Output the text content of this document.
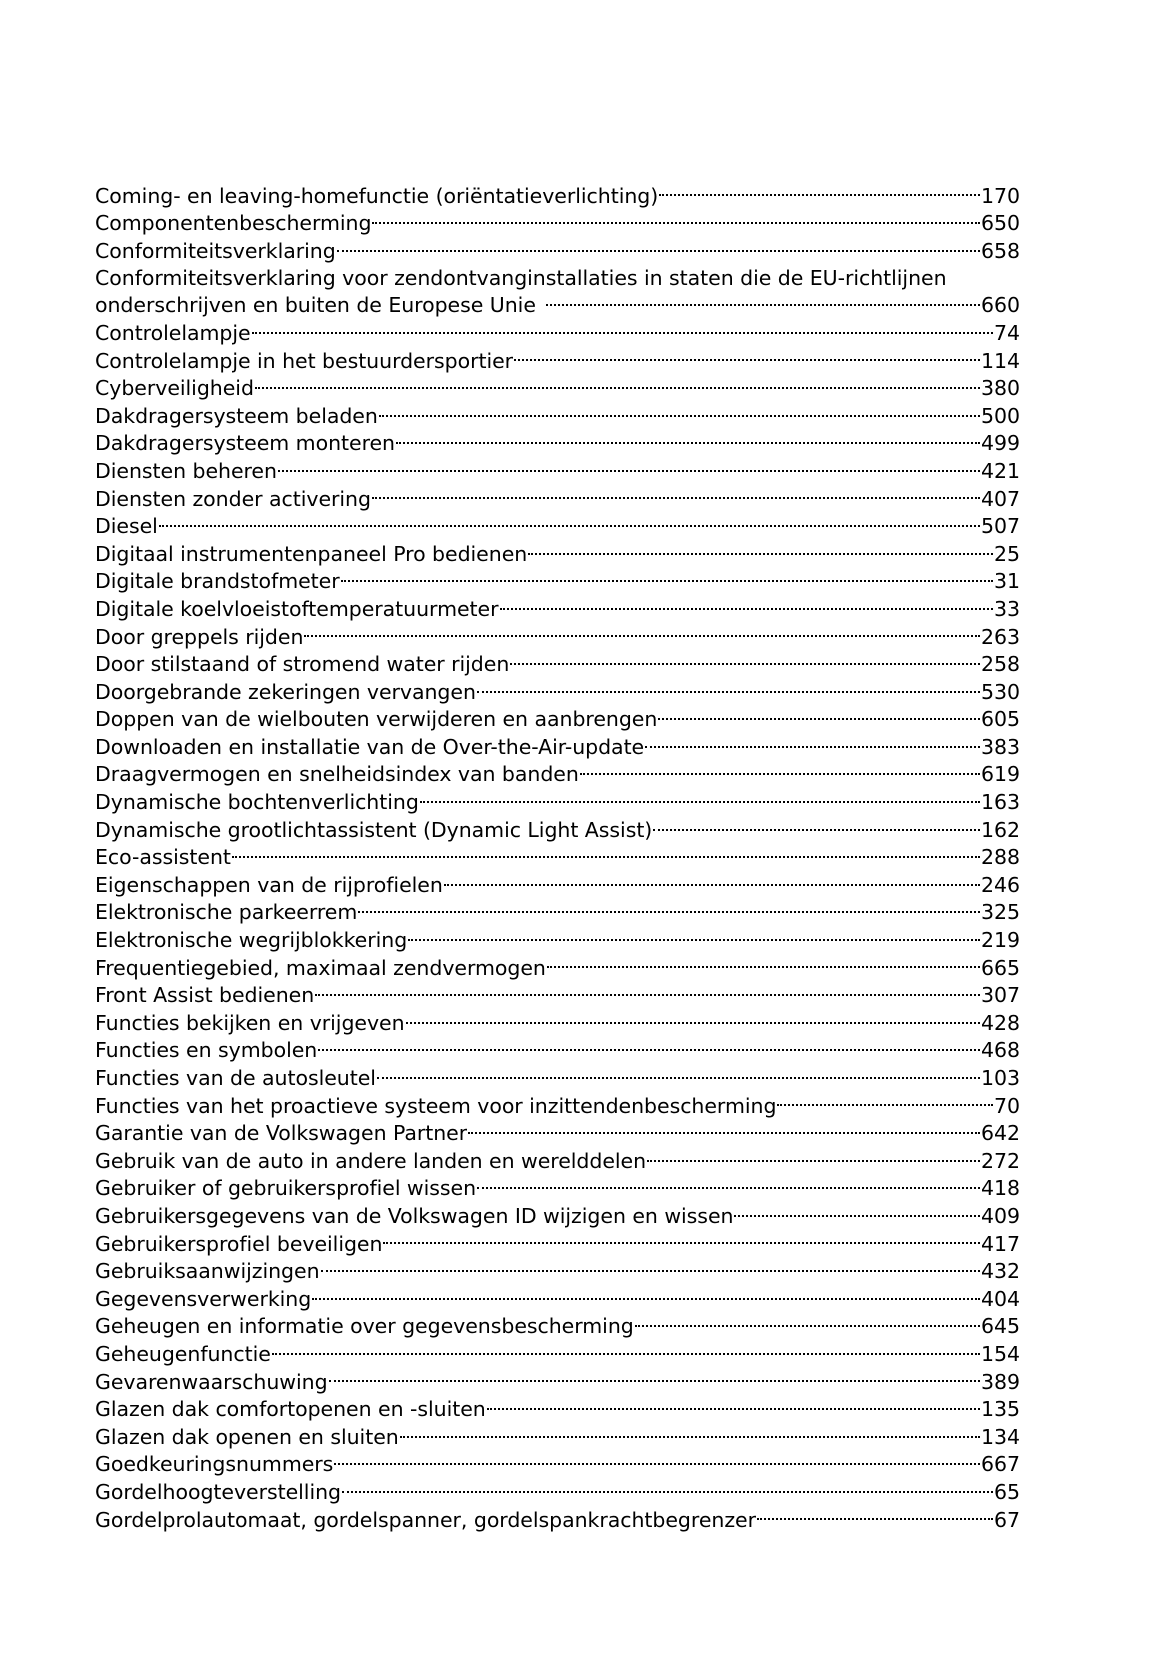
Coming- en leaving-homefunctie (oriëntatieverlichting)	170
Componentenbescherming	650
Conformiteitsverklaring	658
Conformiteitsverklaring voor zendontvanginstallaties in staten die de EU-richtlijnen
onderschrijven en buiten de Europese Unie	660
Controlelampje	74
Controlelampje in het bestuurdersportier	114
Cyberveiligheid	380
Dakdragersysteem beladen	500
Dakdragersysteem monteren	499
Diensten beheren	421
Diensten zonder activering	407
Diesel	507
Digitaal instrumentenpaneel Pro bedienen	25
Digitale brandstofmeter	31
Digitale koelvloeistoftemperatuurmeter	33
Door greppels rijden	263
Door stilstaand of stromend water rijden	258
Doorgebrande zekeringen vervangen	530
Doppen van de wielbouten verwijderen en aanbrengen	605
Downloaden en installatie van de Over-the-Air-update	383
Draagvermogen en snelheidsindex van banden	619
Dynamische bochtenverlichting	163
Dynamische grootlichtassistent (Dynamic Light Assist)	162
Eco-assistent	288
Eigenschappen van de rijprofielen	246
Elektronische parkeerrem	325
Elektronische wegrijblokkering	219
Frequentiegebied, maximaal zendvermogen	665
Front Assist bedienen	307
Functies bekijken en vrijgeven	428
Functies en symbolen	468
Functies van de autosleutel	103
Functies van het proactieve systeem voor inzittendenbescherming	70
Garantie van de Volkswagen Partner	642
Gebruik van de auto in andere landen en werelddelen	272
Gebruiker of gebruikersprofiel wissen	418
Gebruikersgegevens van de Volkswagen ID wijzigen en wissen	409
Gebruikersprofiel beveiligen	417
Gebruiksaanwijzingen	432
Gegevensverwerking	404
Geheugen en informatie over gegevensbescherming	645
Geheugenfunctie	154
Gevarenwaarschuwing	389
Glazen dak comfortopenen en -sluiten	135
Glazen dak openen en sluiten	134
Goedkeuringsnummers	667
Gordelhoogteverstelling	65
Gordelprolautomaat, gordelspanner, gordelspankrachtbegrenzer	67
